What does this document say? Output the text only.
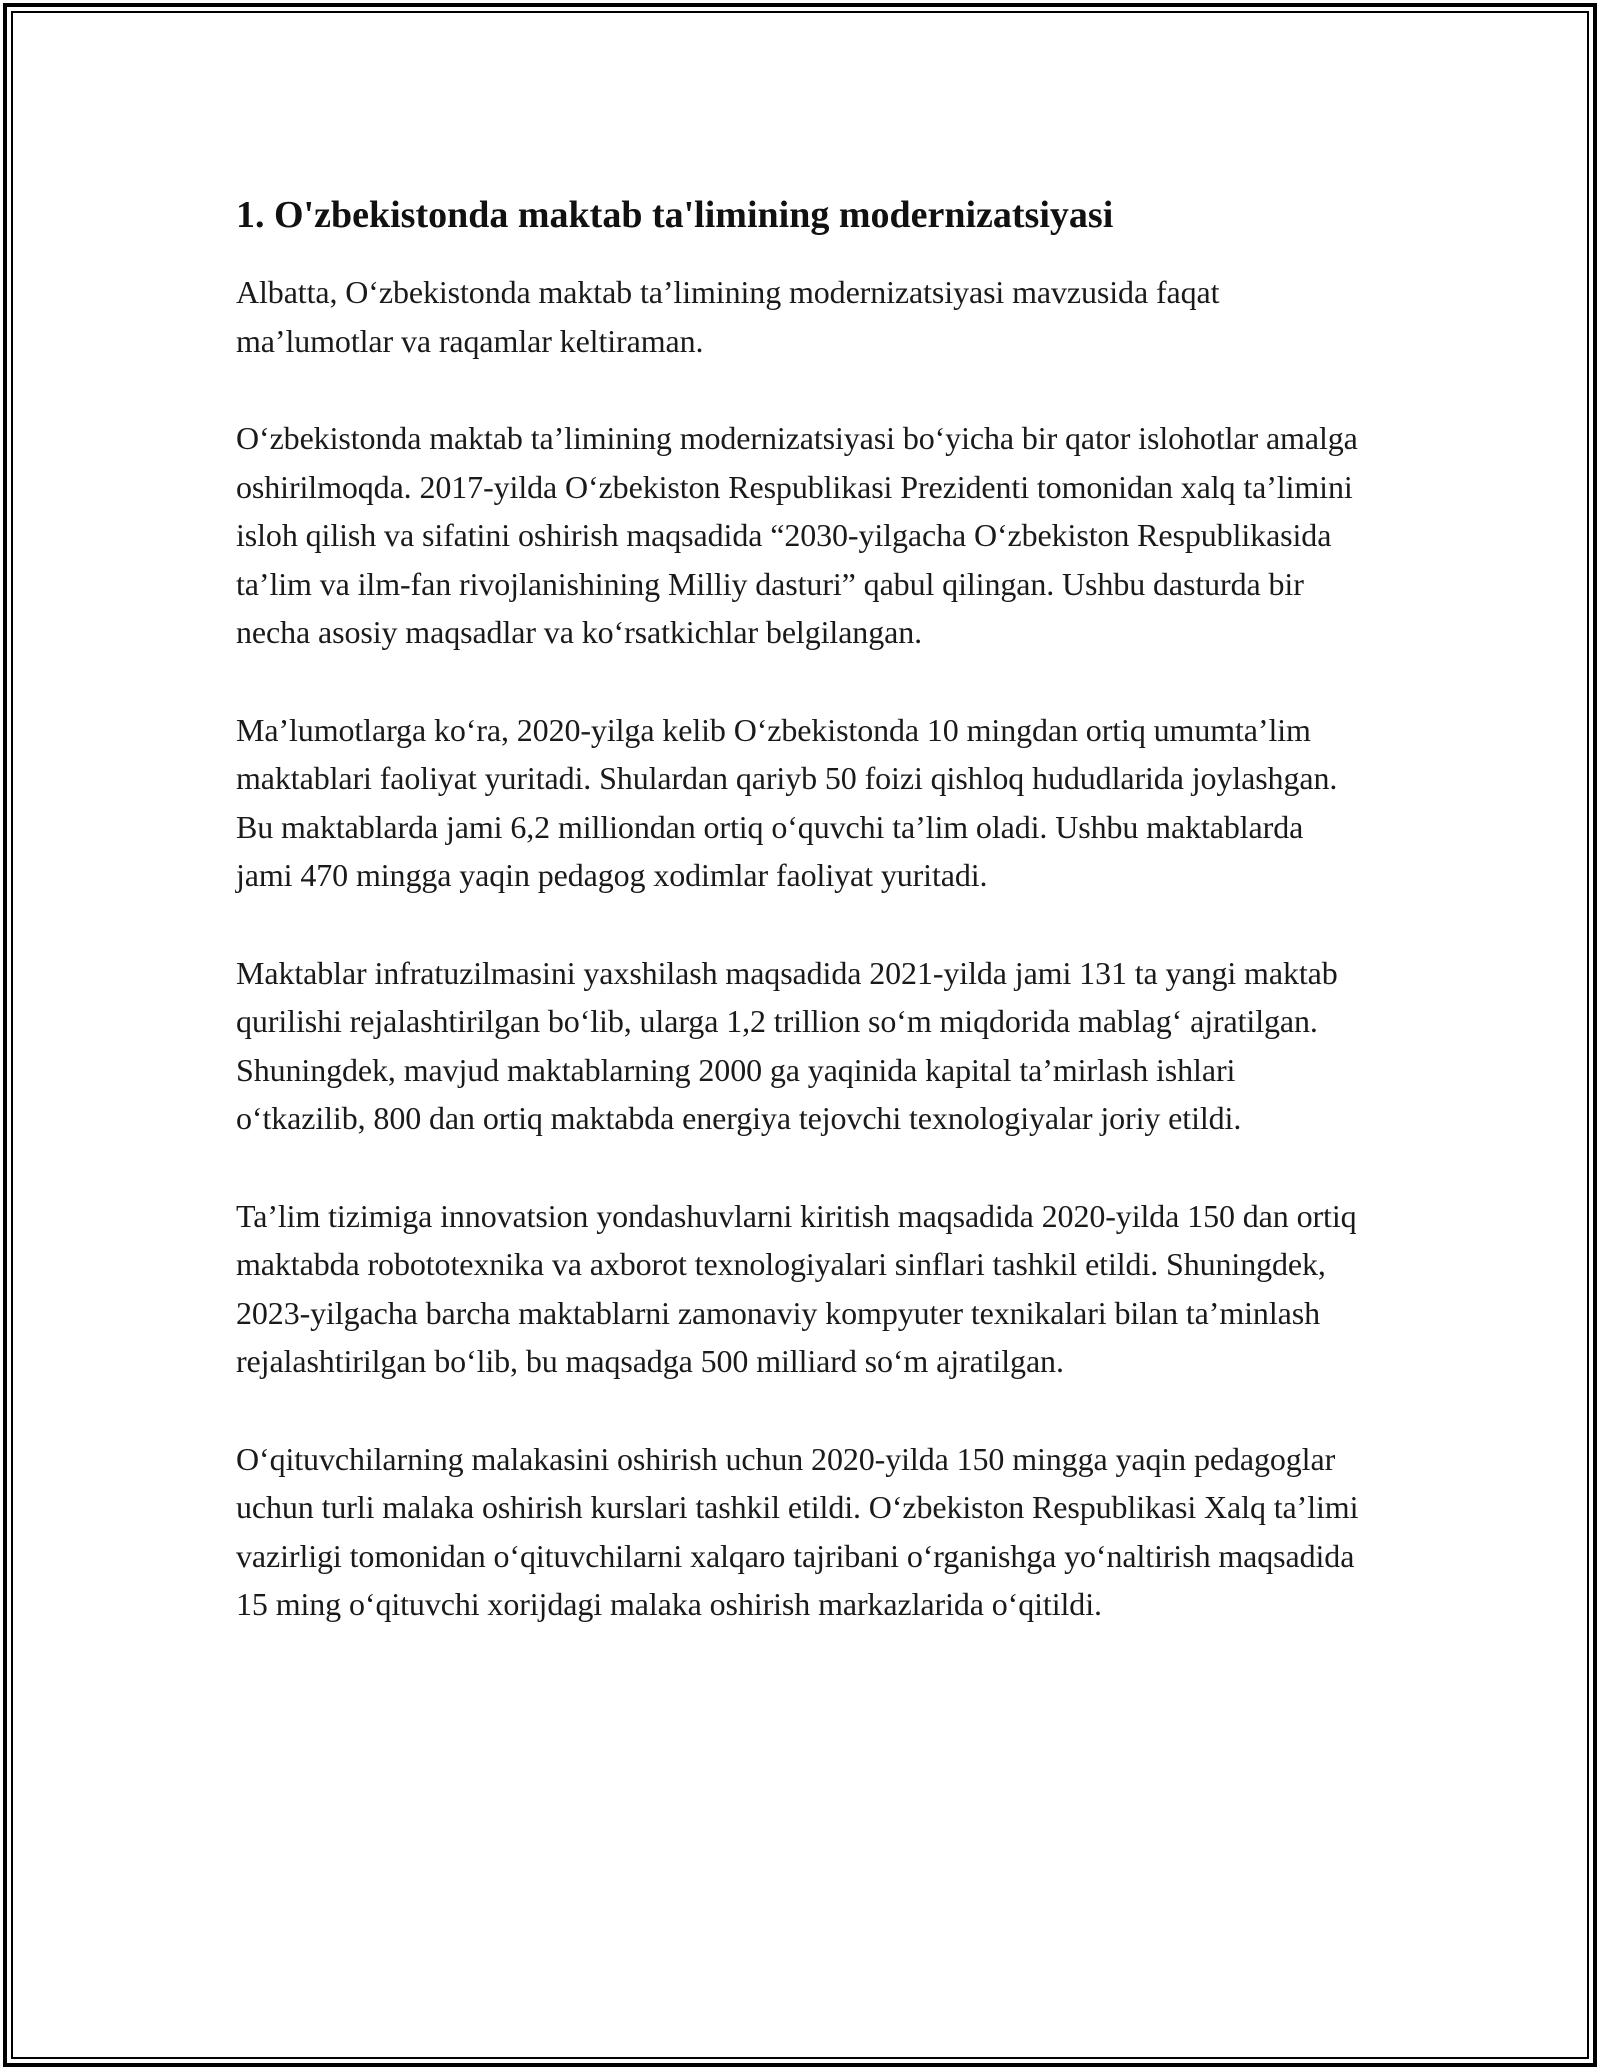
1. O'zbekistonda maktab ta'limining modernizatsiyasi

Albatta, O‘zbekistonda maktab ta’limining modernizatsiyasi mavzusida faqat ma’lumotlar va raqamlar keltiraman.

O‘zbekistonda maktab ta’limining modernizatsiyasi bo‘yicha bir qator islohotlar amalga oshirilmoqda. 2017-yilda O‘zbekiston Respublikasi Prezidenti tomonidan xalq ta’limini isloh qilish va sifatini oshirish maqsadida “2030-yilgacha O‘zbekiston Respublikasida ta’lim va ilm-fan rivojlanishining Milliy dasturi” qabul qilingan. Ushbu dasturda bir necha asosiy maqsadlar va ko‘rsatkichlar belgilangan.

Ma’lumotlarga ko‘ra, 2020-yilga kelib O‘zbekistonda 10 mingdan ortiq umumta’lim maktablari faoliyat yuritadi. Shulardan qariyb 50 foizi qishloq hududlarida joylashgan. Bu maktablarda jami 6,2 milliondan ortiq o‘quvchi ta’lim oladi. Ushbu maktablarda jami 470 mingga yaqin pedagog xodimlar faoliyat yuritadi.

Maktablar infratuzilmasini yaxshilash maqsadida 2021-yilda jami 131 ta yangi maktab qurilishi rejalashtirilgan bo‘lib, ularga 1,2 trillion so‘m miqdorida mablag‘ ajratilgan. Shuningdek, mavjud maktablarning 2000 ga yaqinida kapital ta’mirlash ishlari o‘tkazilib, 800 dan ortiq maktabda energiya tejovchi texnologiyalar joriy etildi.

Ta’lim tizimiga innovatsion yondashuvlarni kiritish maqsadida 2020-yilda 150 dan ortiq maktabda robototexnika va axborot texnologiyalari sinflari tashkil etildi. Shuningdek, 2023-yilgacha barcha maktablarni zamonaviy kompyuter texnikalari bilan ta’minlash rejalashtirilgan bo‘lib, bu maqsadga 500 milliard so‘m ajratilgan.

O‘qituvchilarning malakasini oshirish uchun 2020-yilda 150 mingga yaqin pedagoglar uchun turli malaka oshirish kurslari tashkil etildi. O‘zbekiston Respublikasi Xalq ta’limi vazirligi tomonidan o‘qituvchilarni xalqaro tajribani o‘rganishga yo‘naltirish maqsadida 15 ming o‘qituvchi xorijdagi malaka oshirish markazlarida o‘qitildi.
